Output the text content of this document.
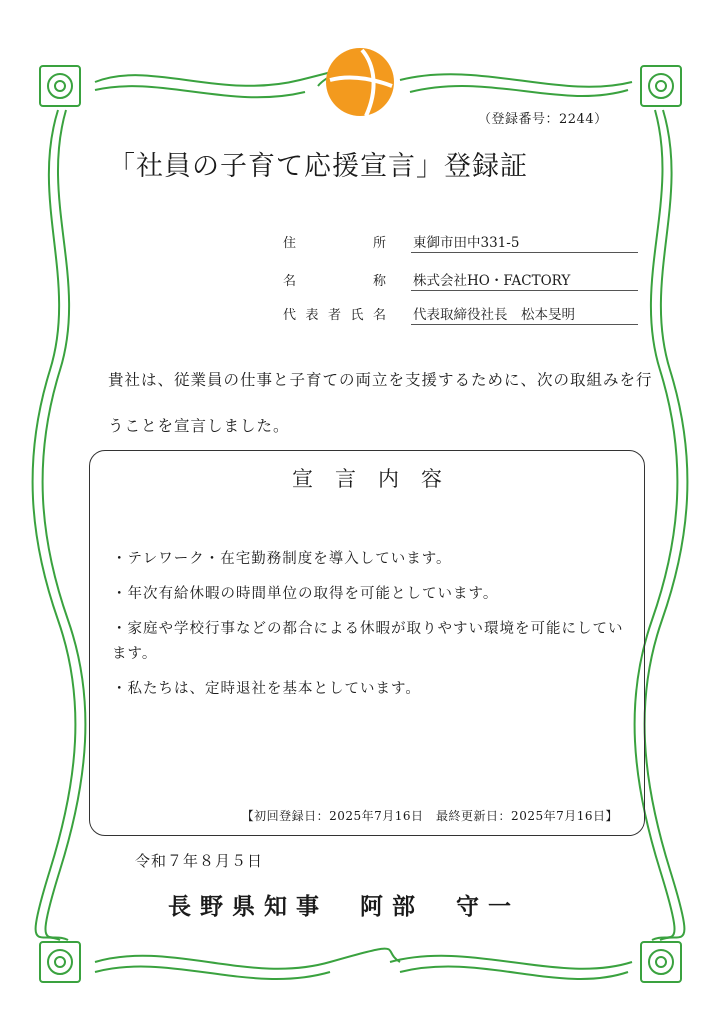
（登録番号：2244）
「社員の子育て応援宣言」登録証
住	所 東御市田中331-5
名	称 株式会社HO・FACTORY
代 表 者 氏 名 代表取締役社長　松本旻明
貴社は、従業員の仕事と子育ての両立を支援するために、次の取組みを行うことを宣言しました。
宣言内容
・テレワーク・在宅勤務制度を導入しています。
・年次有給休暇の時間単位の取得を可能としています。
・家庭や学校行事などの都合による休暇が取りやすい環境を可能にしています。
・私たちは、定時退社を基本としています。
【初回登録日：2025年7月16日　最終更新日：2025年7月16日】
令和７年８月５日
長野県知事　阿部　守一
